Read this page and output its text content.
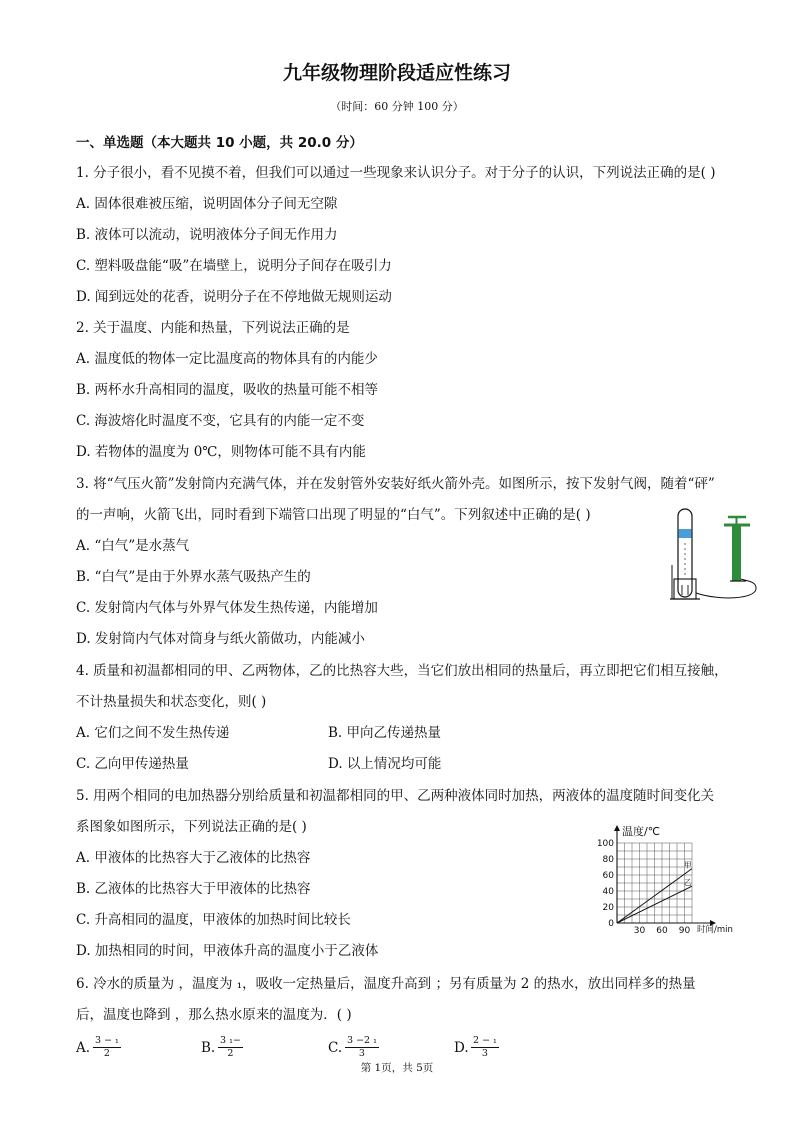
九年级物理阶段适应性练习
（时间：60 分钟 100 分）
一、单选题（本大题共 10 小题，共 20.0 分）
1. 分子很小，看不见摸不着，但我们可以通过一些现象来认识分子。对于分子的认识，下列说法正确的是( )
A. 固体很难被压缩，说明固体分子间无空隙
B. 液体可以流动，说明液体分子间无作用力
C. 塑料吸盘能“吸”在墙壁上，说明分子间存在吸引力
D. 闻到远处的花香，说明分子在不停地做无规则运动
2. 关于温度、内能和热量，下列说法正确的是
A. 温度低的物体一定比温度高的物体具有的内能少
B. 两杯水升高相同的温度，吸收的热量可能不相等
C. 海波熔化时温度不变，它具有的内能一定不变
D. 若物体的温度为 0℃，则物体可能不具有内能
3. 将“气压火箭”发射筒内充满气体，并在发射管外安装好纸火箭外壳。如图所示，按下发射气阀，随着“砰”
的一声响，火箭飞出，同时看到下端管口出现了明显的“白气”。下列叙述中正确的是( )
A. “白气”是水蒸气
B. “白气”是由于外界水蒸气吸热产生的
C. 发射筒内气体与外界气体发生热传递，内能增加
D. 发射筒内气体对筒身与纸火箭做功，内能减小
4. 质量和初温都相同的甲、乙两物体，乙的比热容大些，当它们放出相同的热量后，再立即把它们相互接触，
不计热量损失和状态变化，则( )
A. 它们之间不发生热传递	B. 甲向乙传递热量
C. 乙向甲传递热量	D. 以上情况均可能
5. 用两个相同的电加热器分别给质量和初温都相同的甲、乙两种液体同时加热，两液体的温度随时间变化关
系图象如图所示，下列说法正确的是( )
A. 甲液体的比热容大于乙液体的比热容
B. 乙液体的比热容大于甲液体的比热容
C. 升高相同的温度，甲液体的加热时间比较长
D. 加热相同的时间，甲液体升高的温度小于乙液体
甲
乙
0
20
40
60
80
100
30 60 90
温度/℃
时间/min
6. 冷水的质量为 ，温度为 ₁，吸收一定热量后，温度升高到 ；另有质量为 2 的热水，放出同样多的热量
后，温度也降到 ，那么热水原来的温度为．( )
A. $\frac{\text{3 − ₁}}{2}$	B. $\frac{\text{3 ₁−}}{2}$	C. $\frac{\text{3 −2 ₁}}{3}$	D. $\frac{\text{2 − ₁}}{3}$
第 1页，共 5页
